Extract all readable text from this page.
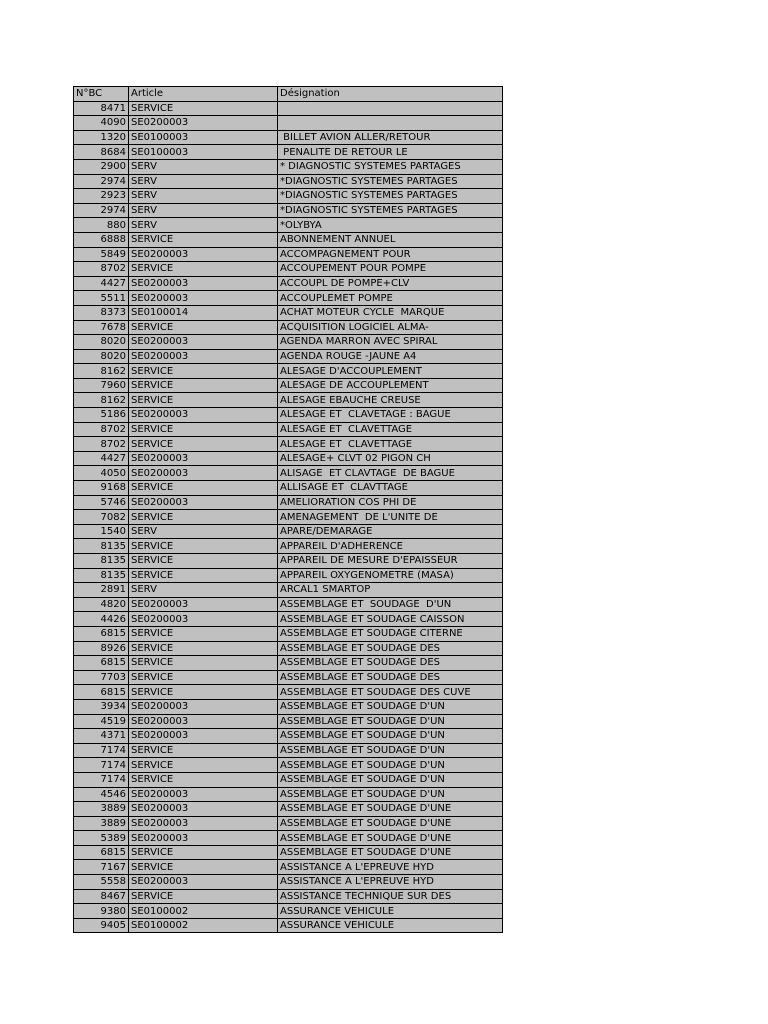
N°BC	Article	Désignation
8471	SERVICE	
4090	SE0200003	
1320	SE0100003	BILLET AVION ALLER/RETOUR
8684	SE0100003	PENALITE DE RETOUR LE
2900	SERV	* DIAGNOSTIC SYSTEMES PARTAGES
2974	SERV	*DIAGNOSTIC SYSTEMES PARTAGES
2923	SERV	*DIAGNOSTIC SYSTEMES PARTAGES
2974	SERV	*DIAGNOSTIC SYSTEMES PARTAGES
880	SERV	*OLYBYA
6888	SERVICE	ABONNEMENT ANNUEL
5849	SE0200003	ACCOMPAGNEMENT POUR
8702	SERVICE	ACCOUPEMENT POUR POMPE
4427	SE0200003	ACCOUPL DE POMPE+CLV
5511	SE0200003	ACCOUPLEMET POMPE
8373	SE0100014	ACHAT MOTEUR CYCLE  MARQUE
7678	SERVICE	ACQUISITION LOGICIEL ALMA-
8020	SE0200003	AGENDA MARRON AVEC SPIRAL
8020	SE0200003	AGENDA ROUGE -JAUNE A4
8162	SERVICE	ALESAGE D'ACCOUPLEMENT
7960	SERVICE	ALESAGE DE ACCOUPLEMENT
8162	SERVICE	ALESAGE EBAUCHE CREUSE
5186	SE0200003	ALESAGE ET  CLAVETAGE : BAGUE
8702	SERVICE	ALESAGE ET  CLAVETTAGE
8702	SERVICE	ALESAGE ET  CLAVETTAGE
4427	SE0200003	ALESAGE+ CLVT 02 PIGON CH
4050	SE0200003	ALISAGE  ET CLAVTAGE  DE BAGUE
9168	SERVICE	ALLISAGE ET  CLAVTTAGE
5746	SE0200003	AMELIORATION COS PHI DE
7082	SERVICE	AMENAGEMENT  DE L'UNITE DE
1540	SERV	APARE/DEMARAGE
8135	SERVICE	APPAREIL D'ADHERENCE
8135	SERVICE	APPAREIL DE MESURE D'EPAISSEUR
8135	SERVICE	APPAREIL OXYGENOMETRE (MASA)
2891	SERV	ARCAL1 SMARTOP
4820	SE0200003	ASSEMBLAGE ET  SOUDAGE  D'UN
4426	SE0200003	ASSEMBLAGE ET SOUDAGE CAISSON
6815	SERVICE	ASSEMBLAGE ET SOUDAGE CITERNE
8926	SERVICE	ASSEMBLAGE ET SOUDAGE DES
6815	SERVICE	ASSEMBLAGE ET SOUDAGE DES
7703	SERVICE	ASSEMBLAGE ET SOUDAGE DES
6815	SERVICE	ASSEMBLAGE ET SOUDAGE DES CUVE
3934	SE0200003	ASSEMBLAGE ET SOUDAGE D'UN
4519	SE0200003	ASSEMBLAGE ET SOUDAGE D'UN
4371	SE0200003	ASSEMBLAGE ET SOUDAGE D'UN
7174	SERVICE	ASSEMBLAGE ET SOUDAGE D'UN
7174	SERVICE	ASSEMBLAGE ET SOUDAGE D'UN
7174	SERVICE	ASSEMBLAGE ET SOUDAGE D'UN
4546	SE0200003	ASSEMBLAGE ET SOUDAGE D'UN
3889	SE0200003	ASSEMBLAGE ET SOUDAGE D'UNE
3889	SE0200003	ASSEMBLAGE ET SOUDAGE D'UNE
5389	SE0200003	ASSEMBLAGE ET SOUDAGE D'UNE
6815	SERVICE	ASSEMBLAGE ET SOUDAGE D'UNE
7167	SERVICE	ASSISTANCE A L'EPREUVE HYD
5558	SE0200003	ASSISTANCE A L'EPREUVE HYD
8467	SERVICE	ASSISTANCE TECHNIQUE SUR DES
9380	SE0100002	ASSURANCE VEHICULE
9405	SE0100002	ASSURANCE VEHICULE
